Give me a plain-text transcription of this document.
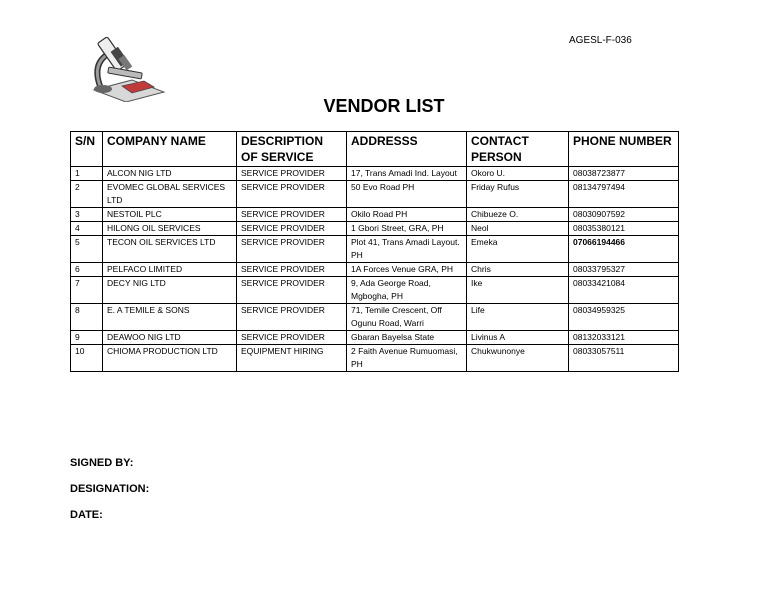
AGESL-F-036
VENDOR LIST
S/N	COMPANY NAME	DESCRIPTION OF SERVICE	ADDRESSS	CONTACT PERSON	PHONE NUMBER
1	ALCON NIG LTD	SERVICE PROVIDER	17, Trans Amadi Ind. Layout	Okoro U.	08038723877
2	EVOMEC GLOBAL SERVICES LTD	SERVICE PROVIDER	50 Evo Road PH	Friday Rufus	08134797494
3	NESTOIL PLC	SERVICE PROVIDER	Okilo Road PH	Chibueze O.	08030907592
4	HILONG OIL SERVICES	SERVICE PROVIDER	1 Gbori Street, GRA, PH	Neol	08035380121
5	TECON OIL SERVICES LTD	SERVICE PROVIDER	Plot 41, Trans Amadi Layout. PH	Emeka	07066194466
6	PELFACO LIMITED	SERVICE PROVIDER	1A Forces Venue GRA, PH	Chris	08033795327
7	DECY NIG LTD	SERVICE PROVIDER	9, Ada George Road, Mgbogha, PH	Ike	08033421084
8	E. A TEMILE & SONS	SERVICE PROVIDER	71, Temile Crescent, Off Ogunu Road, Warri	Life	08034959325
9	DEAWOO NIG LTD	SERVICE PROVIDER	Gbaran Bayelsa State	Livinus A	08132033121
10	CHIOMA PRODUCTION LTD	EQUIPMENT HIRING	2 Faith Avenue Rumuomasi, PH	Chukwunonye	08033057511
SIGNED BY:
DESIGNATION:
DATE:
